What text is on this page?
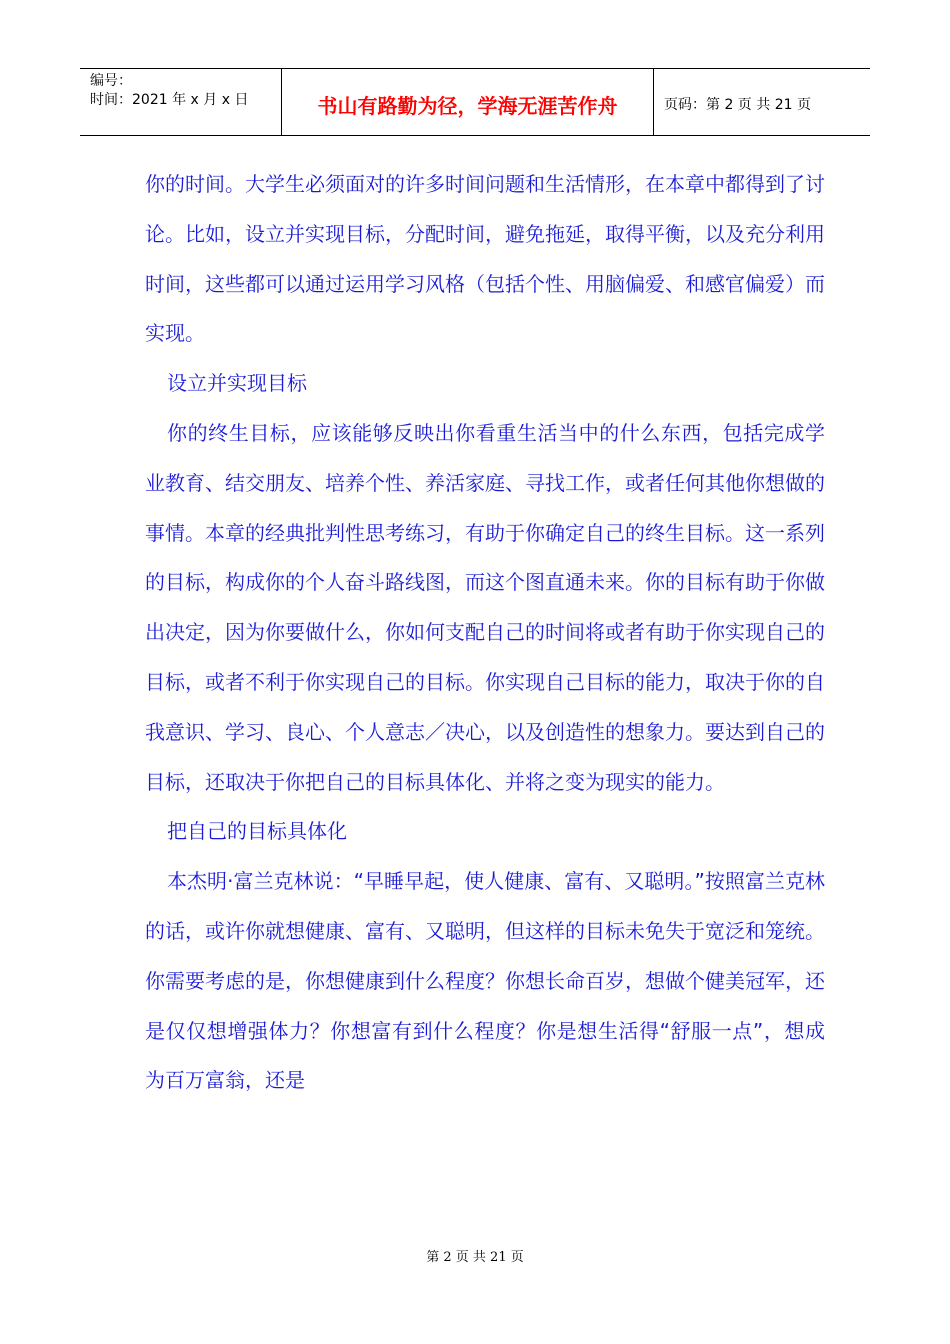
编号：
时间：2021 年 x 月 x 日	书山有路勤为径，学海无涯苦作舟	页码：第 2 页 共 21 页

你的时间。大学生必须面对的许多时间问题和生活情形，在本章中都得到了讨论。比如，设立并实现目标，分配时间，避免拖延，取得平衡，以及充分利用时间，这些都可以通过运用学习风格（包括个性、用脑偏爱、和感官偏爱）而实现。

设立并实现目标

你的终生目标，应该能够反映出你看重生活当中的什么东西，包括完成学业教育、结交朋友、培养个性、养活家庭、寻找工作，或者任何其他你想做的事情。本章的经典批判性思考练习，有助于你确定自己的终生目标。这一系列的目标，构成你的个人奋斗路线图，而这个图直通未来。你的目标有助于你做出决定，因为你要做什么，你如何支配自己的时间将或者有助于你实现自己的目标，或者不利于你实现自己的目标。你实现自己目标的能力，取决于你的自我意识、学习、良心、个人意志／决心，以及创造性的想象力。要达到自己的目标，还取决于你把自己的目标具体化、并将之变为现实的能力。

把自己的目标具体化

本杰明·富兰克林说：“早睡早起，使人健康、富有、又聪明。”按照富兰克林的话，或许你就想健康、富有、又聪明，但这样的目标未免失于宽泛和笼统。你需要考虑的是，你想健康到什么程度？你想长命百岁，想做个健美冠军，还是仅仅想增强体力？你想富有到什么程度？你是想生活得“舒服一点”，想成为百万富翁，还是

第 2 页 共 21 页
